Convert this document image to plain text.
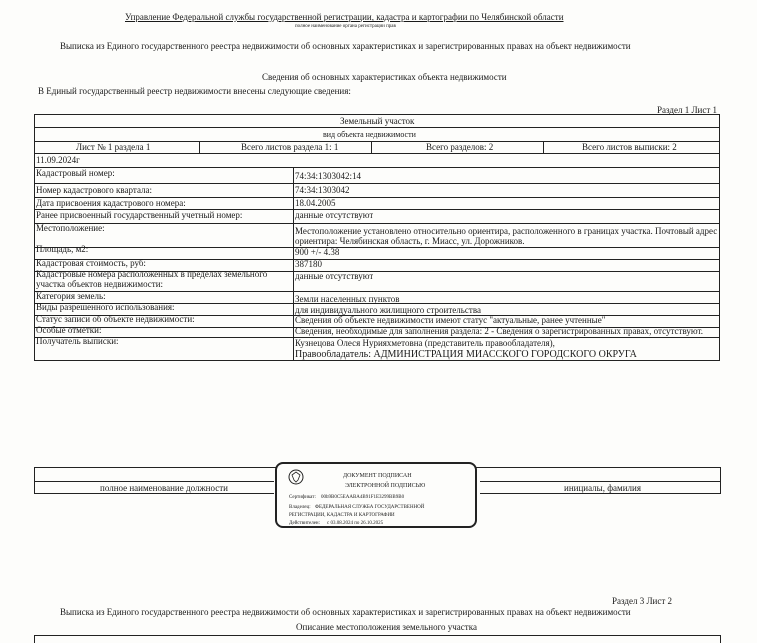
Управление Федеральной службы государственной регистрации, кадастра и картографии по Челябинской области
полное наименование органа регистрации прав
Выписка из Единого государственного реестра недвижимости об основных характеристиках и зарегистрированных правах на объект недвижимости
Сведения об основных характеристиках объекта недвижимости
В Единый государственный реестр недвижимости внесены следующие сведения:
Раздел 1 Лист 1
Земельный участок
вид объекта недвижимости
Лист № 1 раздела 1	Всего листов раздела 1: 1	Всего разделов: 2	Всего листов выписки: 2
11.09.2024г
Кадастровый номер:	74:34:1303042:14
Номер кадастрового квартала:	74:34:1303042
Дата присвоения кадастрового номера:	18.04.2005
Ранее присвоенный государственный учетный номер:	данные отсутствуют
Местоположение:	Местоположение установлено относительно ориентира, расположенного в границах участка. Почтовый адрес ориентира: Челябинская область, г. Миасс, ул. Дорожников.
Площадь, м2:	900 +/- 4.38
Кадастровая стоимость, руб:	387180
Кадастровые номера расположенных в пределах земельного участка объектов недвижимости:
данные отсутствуют
Категория земель:	Земли населенных пунктов
Виды разрешенного использования:	для индивидуального жилищного строительства
Статус записи об объекте недвижимости:	Сведения об объекте недвижимости имеют статус "актуальные, ранее учтенные"
Особые отметки:	Сведения, необходимые для заполнения раздела: 2 - Сведения о зарегистрированных правах, отсутствуют.
Получатель выписки:	Кузнецова Олеся Нурияхметовна (представитель правообладателя),
Правообладатель: АДМИНИСТРАЦИЯ МИАССКОГО ГОРОДСКОГО ОКРУГА
полное наименование должности	инициалы, фамилия
ДОКУМЕНТ ПОДПИСАН
ЭЛЕКТРОННОЙ ПОДПИСЬЮ
Сертификат: 00b9B0C5EAABA4B91F1E3299BB9B0
Владелец: ФЕДЕРАЛЬНАЯ СЛУЖБА ГОСУДАРСТВЕННОЙ
РЕГИСТРАЦИИ, КАДАСТРА И КАРТОГРАФИИ
Действителен: с 03.08.2024 по 26.10.2025
Раздел 3 Лист 2
Выписка из Единого государственного реестра недвижимости об основных характеристиках и зарегистрированных правах на объект недвижимости
Описание местоположения земельного участка
